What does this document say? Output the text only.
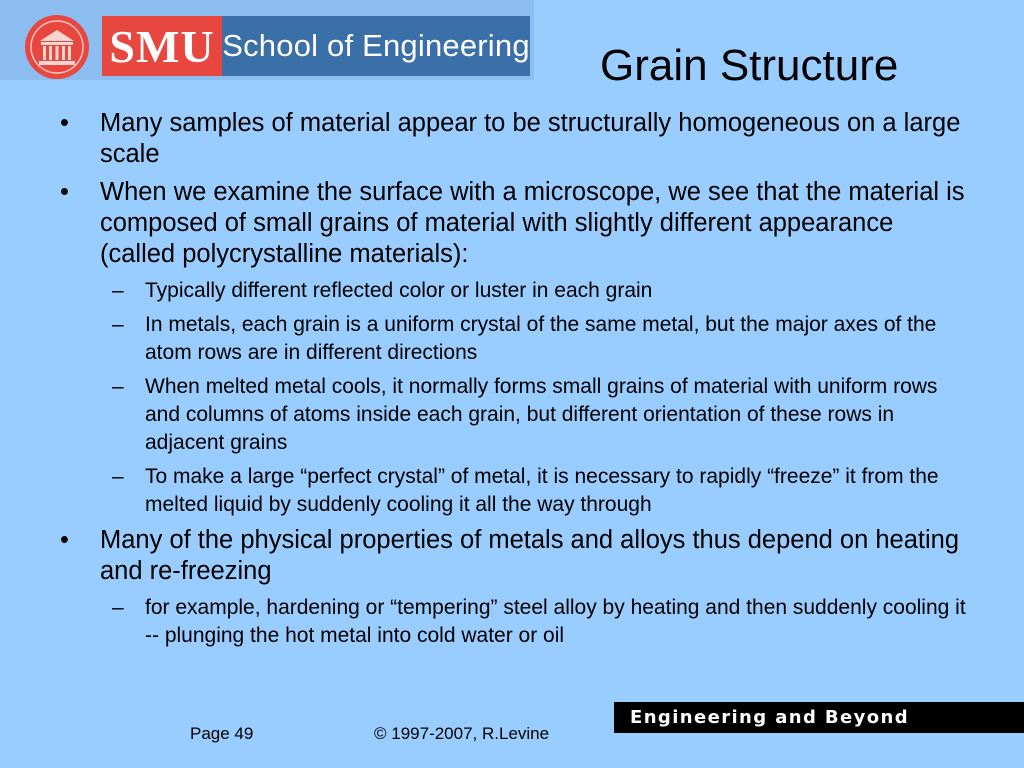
SMU School of Engineering Grain Structure
• Many samples of material appear to be structurally homogeneous on a large scale
• When we examine the surface with a microscope, we see that the material is composed of small grains of material with slightly different appearance (called polycrystalline materials):
– Typically different reflected color or luster in each grain
– In metals, each grain is a uniform crystal of the same metal, but the major axes of the atom rows are in different directions
– When melted metal cools, it normally forms small grains of material with uniform rows and columns of atoms inside each grain, but different orientation of these rows in adjacent grains
– To make a large “perfect crystal” of metal, it is necessary to rapidly “freeze” it from the melted liquid by suddenly cooling it all the way through
• Many of the physical properties of metals and alloys thus depend on heating and re-freezing
– for example, hardening or “tempering” steel alloy by heating and then suddenly cooling it -- plunging the hot metal into cold water or oil
Page 49	© 1997-2007, R.Levine
Engineering and Beyond
